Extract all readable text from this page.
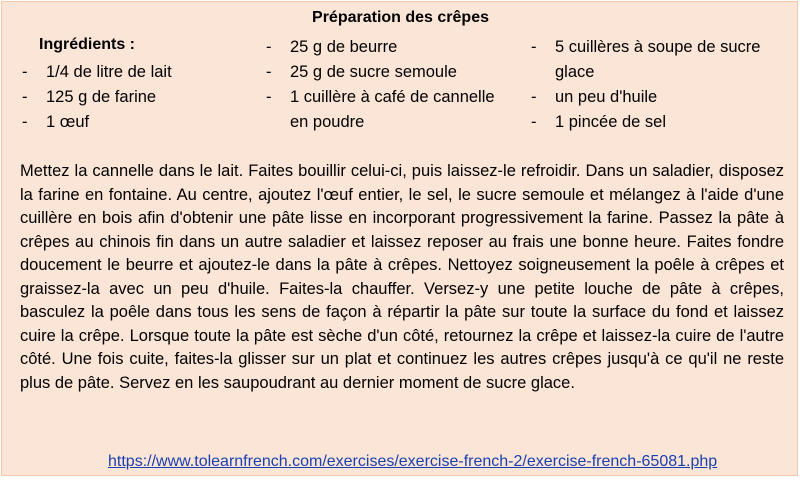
Préparation des crêpes
Ingrédients :
-	1/4 de litre de lait
-	125 g de farine
-	1 œuf
-	25 g de beurre
-	25 g de sucre semoule
-	1 cuillère à café de cannelle en poudre
-	5 cuillères à soupe de sucre glace
-	un peu d'huile
-	1 pincée de sel

Mettez la cannelle dans le lait. Faites bouillir celui-ci, puis laissez-le refroidir. Dans un saladier, disposez la farine en fontaine. Au centre, ajoutez l'œuf entier, le sel, le sucre semoule et mélangez à l'aide d'une cuillère en bois afin d'obtenir une pâte lisse en incorporant progressivement la farine. Passez la pâte à crêpes au chinois fin dans un autre saladier et laissez reposer au frais une bonne heure. Faites fondre doucement le beurre et ajoutez-le dans la pâte à crêpes. Nettoyez soigneusement la poêle à crêpes et graissez-la avec un peu d'huile. Faites-la chauffer. Versez-y une petite louche de pâte à crêpes, basculez la poêle dans tous les sens de façon à répartir la pâte sur toute la surface du fond et laissez cuire la crêpe. Lorsque toute la pâte est sèche d'un côté, retournez la crêpe et laissez-la cuire de l'autre côté. Une fois cuite, faites-la glisser sur un plat et continuez les autres crêpes jusqu'à ce qu'il ne reste plus de pâte. Servez en les saupoudrant au dernier moment de sucre glace.

https://www.tolearnfrench.com/exercises/exercise-french-2/exercise-french-65081.php
